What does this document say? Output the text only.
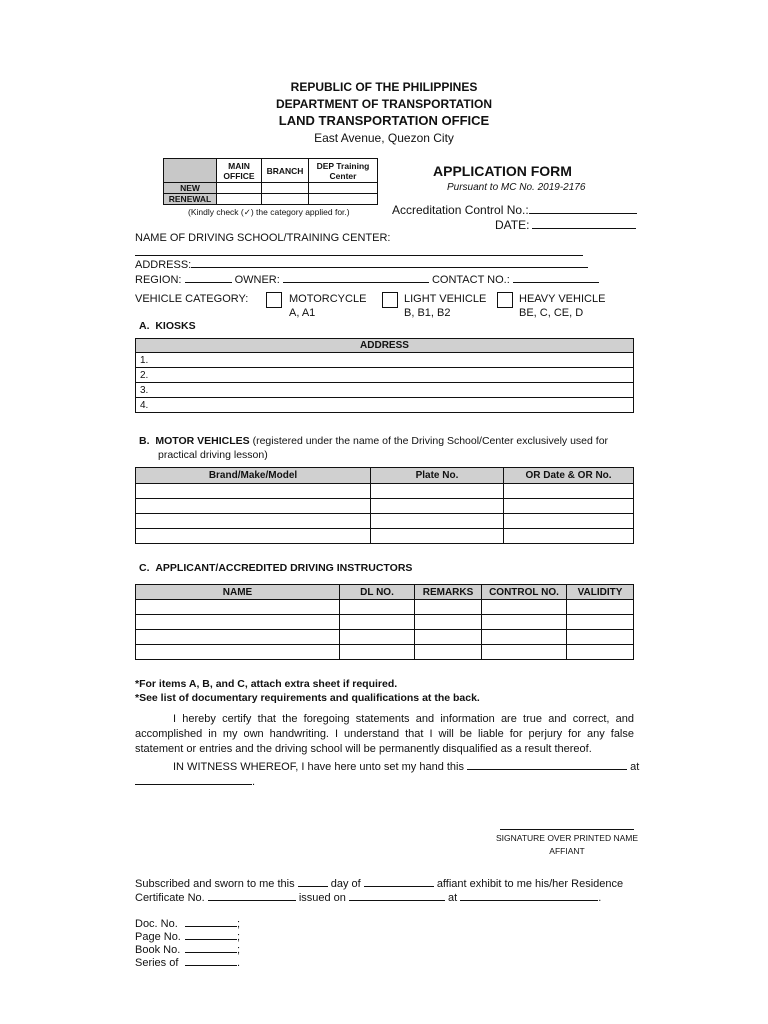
REPUBLIC OF THE PHILIPPINES
DEPARTMENT OF TRANSPORTATION
LAND TRANSPORTATION OFFICE
East Avenue, Quezon City
	MAIN OFFICE	BRANCH	DEP Training Center
NEW			
RENEWAL			
(Kindly check (✓) the category applied for.)
APPLICATION FORM
Pursuant to MC No. 2019-2176
Accreditation Control No.:
DATE:
NAME OF DRIVING SCHOOL/TRAINING CENTER:
ADDRESS:
REGION:	OWNER:	CONTACT NO.:
VEHICLE CATEGORY:	MOTORCYCLE
A, A1
LIGHT VEHICLE
B, B1, B2
HEAVY VEHICLE
BE, C, CE, D
A. KIOSKS
ADDRESS
1.
2.
3.
4.
B. MOTOR VEHICLES (registered under the name of the Driving School/Center exclusively used for
practical driving lesson)
Brand/Make/Model	Plate No.	OR Date & OR No.

C. APPLICANT/ACCREDITED DRIVING INSTRUCTORS
NAME	DL NO.	REMARKS	CONTROL NO.	VALIDITY

*For items A, B, and C, attach extra sheet if required.
*See list of documentary requirements and qualifications at the back.
I hereby certify that the foregoing statements and information are true and correct, and accomplished in my own handwriting. I understand that I will be liable for perjury for any false statement or entries and the driving school will be permanently disqualified as a result thereof.
IN WITNESS WHEREOF, I have here unto set my hand this	at
.
SIGNATURE OVER PRINTED NAME
AFFIANT
Subscribed and sworn to me this	day of	affiant exhibit to me his/her Residence
Certificate No.	issued on	at	.
Doc. No.	;
Page No.	;
Book No.	;
Series of	.
